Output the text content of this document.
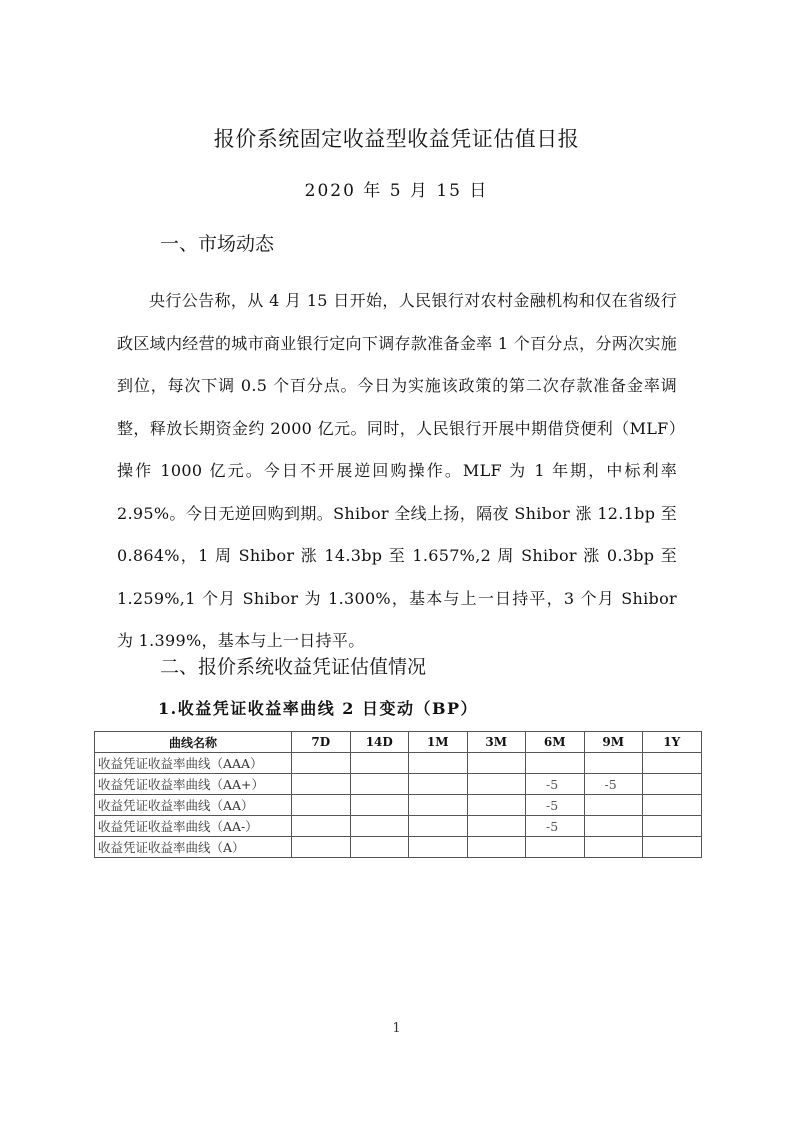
报价系统固定收益型收益凭证估值日报
2020 年 5 月 15 日
一、市场动态
央行公告称，从 4 月 15 日开始，人民银行对农村金融机构和仅在省级行政区域内经营的城市商业银行定向下调存款准备金率 1 个百分点，分两次实施到位，每次下调 0.5 个百分点。今日为实施该政策的第二次存款准备金率调整，释放长期资金约 2000 亿元。同时，人民银行开展中期借贷便利（MLF）操作 1000 亿元。今日不开展逆回购操作。MLF 为 1 年期，中标利率 2.95%。今日无逆回购到期。Shibor 全线上扬，隔夜 Shibor 涨 12.1bp 至 0.864%，1 周 Shibor 涨 14.3bp 至 1.657%,2 周 Shibor 涨 0.3bp 至 1.259%,1 个月 Shibor 为 1.300%，基本与上一日持平，3 个月 Shibor 为 1.399%，基本与上一日持平。
二、报价系统收益凭证估值情况
1.收益凭证收益率曲线 2 日变动（BP）
曲线名称	7D	14D	1M	3M	6M	9M	1Y
收益凭证收益率曲线（AAA）							
收益凭证收益率曲线（AA+）					-5	-5	
收益凭证收益率曲线（AA）					-5		
收益凭证收益率曲线（AA-）					-5		
收益凭证收益率曲线（A）							
1
